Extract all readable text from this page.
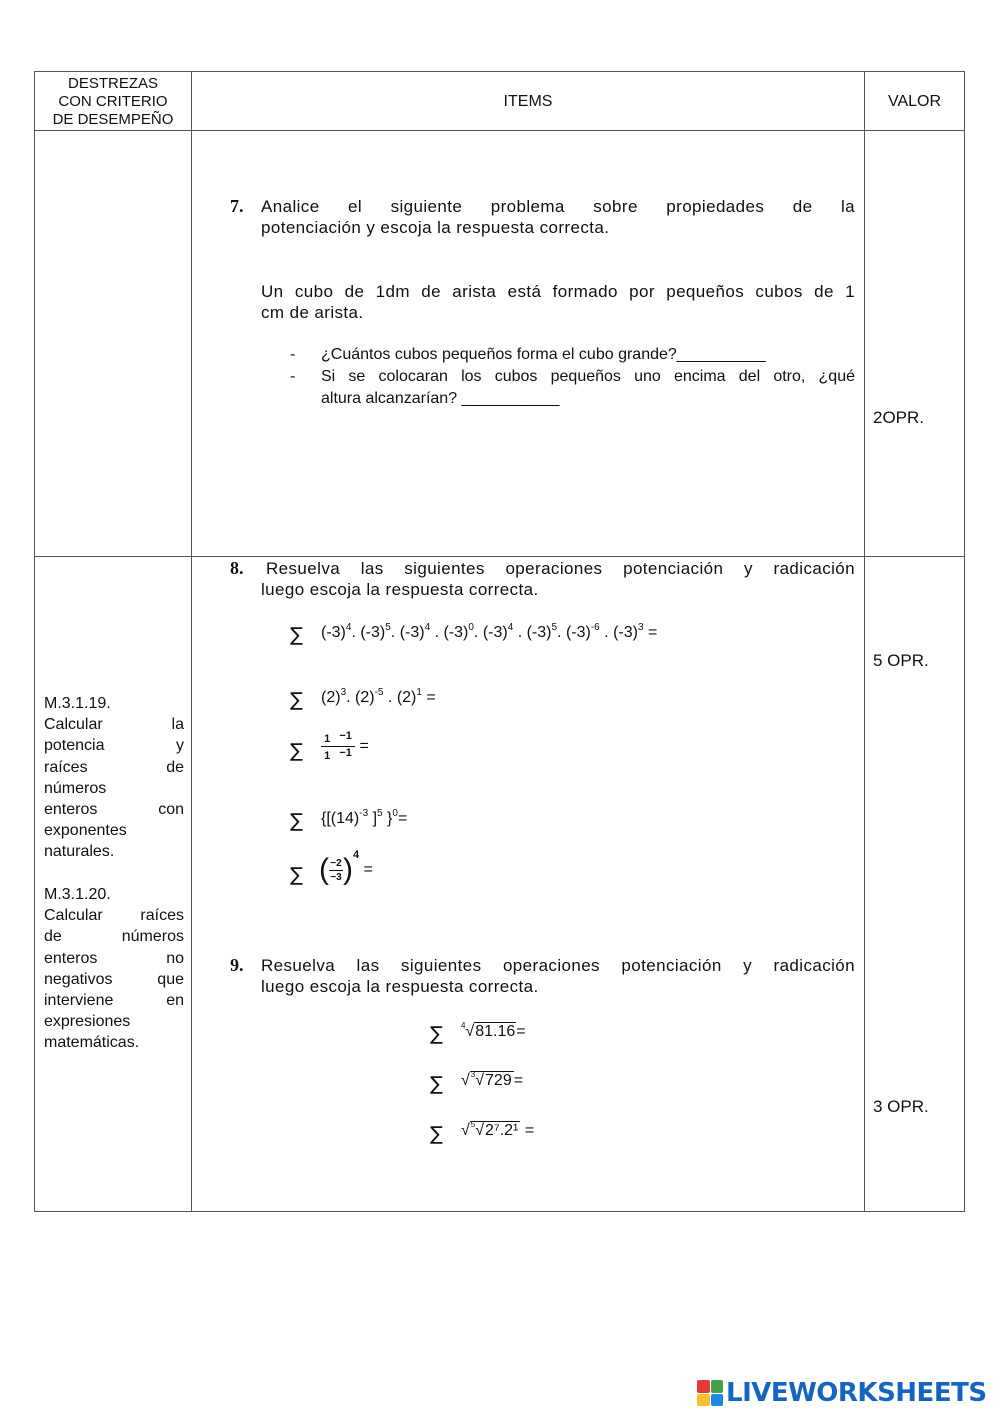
DESTREZAS
CON CRITERIO
DE DESEMPEÑO
ITEMS	VALOR
7. Analice el siguiente problema sobre propiedades de la
potenciación y escoja la respuesta correcta.
Un cubo de 1dm de arista está formado por pequeños cubos de 1
cm de arista.
- ¿Cuántos cubos pequeños forma el cubo grande?__________
- Si se colocaran los cubos pequeños uno encima del otro, ¿qué
altura alcanzarían? ___________
2OPR.
M.3.1.19.
Calcular la
potencia y
raíces de
números
enteros con
exponentes
naturales.
M.3.1.20.
Calcular raíces
de números
enteros no
negativos que
interviene en
expresiones
matemáticas.
8. Resuelva las siguientes operaciones potenciación y radicación
luego escoja la respuesta correcta.
∑ $(-3)^4$. $(-3)^5$. $(-3)^4$ . $(-3)^0$. $(-3)^4$ . $(-3)^5$. $(-3)^{-6}$ . $(-3)^3$ =
∑ $(2)^3$. $(2)^{-5}$ . $(2)^1$ =
∑ $\frac{1 -1}{1 -1}$ =
∑ {[$(14)^{-3}$ ]$^5$ }$^0$=
∑ ( $\frac{-2}{-3} )^4$ =
5 OPR.
9. Resuelva las siguientes operaciones potenciación y radicación
luego escoja la respuesta correcta.
∑ $^4$√81.16=
∑ √$^3$√729 =
∑ √$^5$√2⁷.2¹ =
3 OPR.
LIVEWORKSHEETS
